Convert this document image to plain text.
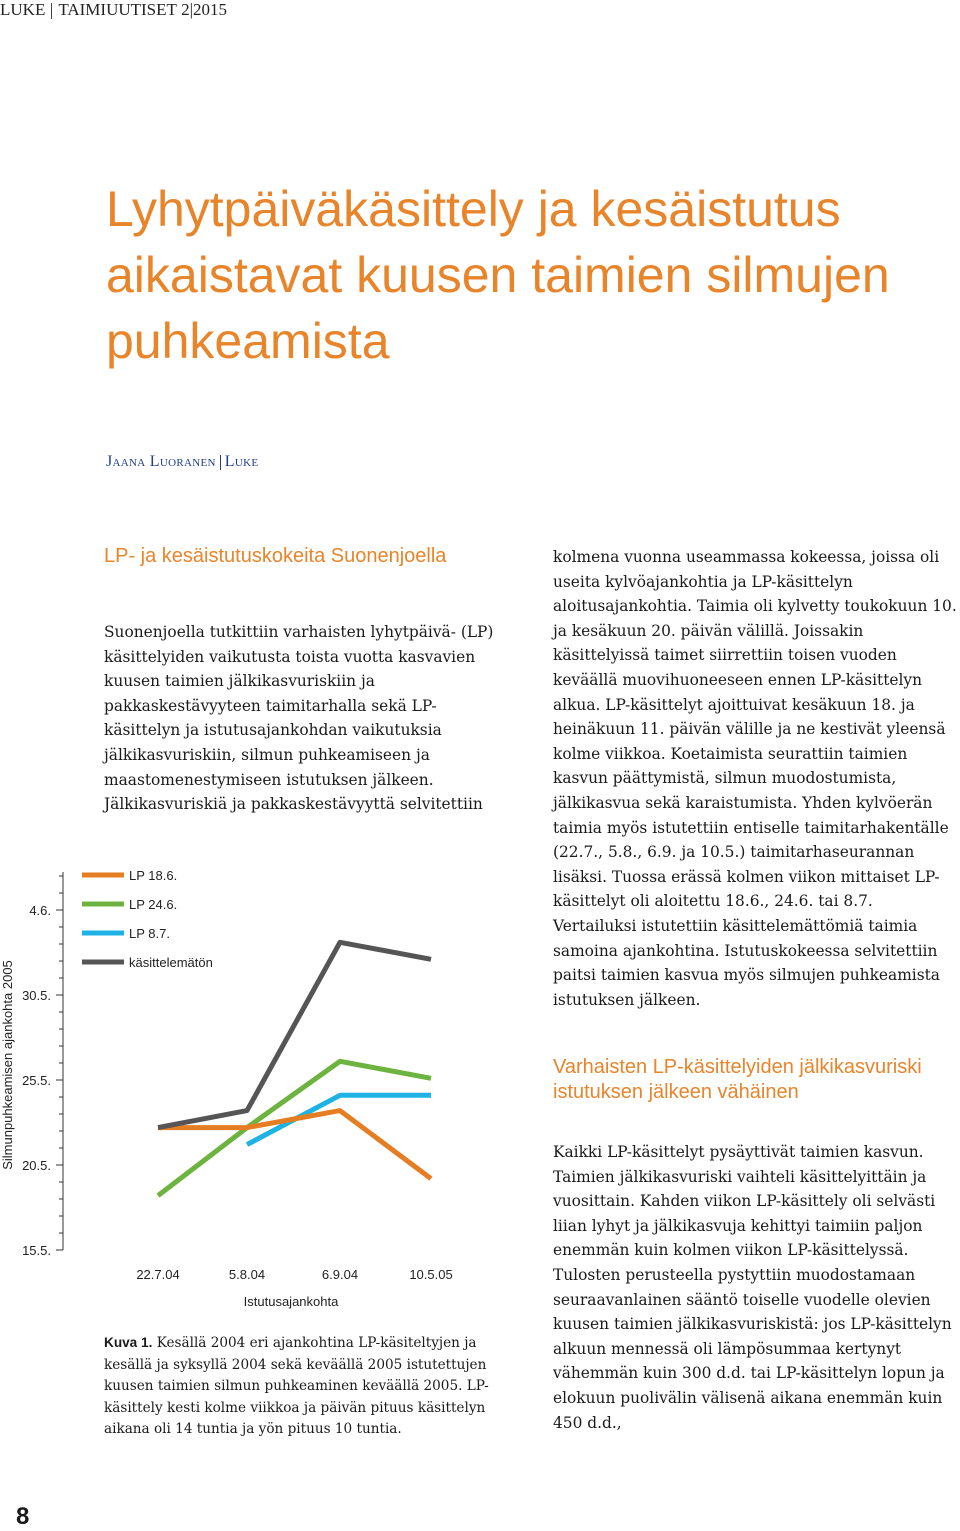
LUKE TAIMIUUTISET 2|2015
Lyhytpäiväkäsittely ja kesäistutus aikaistavat kuusen taimien silmujen puhkeamista
Jaana Luoranen Luke
LP- ja kesäistutuskokeita Suonenjoella

Suonenjoella tutkittiin varhaisten lyhytpäivä- (LP) käsittelyiden vaikutusta toista vuotta kasvavien kuusen taimien jälkikasvuriskiin ja pakkaskestävyyteen taimitarhalla sekä LP-käsittelyn ja istutusajankohdan vaikutuksia jälkikasvuriskiin, silmun puhkeamiseen ja maastomenestymiseen istutuksen jälkeen. Jälkikasvuriskiä ja pakkaskestävyyttä selvitettiin

kolmena vuonna useammassa kokeessa, joissa oli useita kylvöajankohtia ja LP-käsittelyn aloitusajankohtia. Taimia oli kylvetty toukokuun 10. ja kesäkuun 20. päivän välillä. Joissakin käsittelyissä taimet siirrettiin toisen vuoden keväällä muovihuoneeseen ennen LP-käsittelyn alkua. LP-käsittelyt ajoittuivat kesäkuun 18. ja heinäkuun 11. päivän välille ja ne kestivät yleensä kolme viikkoa. Koetaimista seurattiin taimien kasvun päättymistä, silmun muodostumista, jälkikasvua sekä karaistumista. Yhden kylvöerän taimia myös istutettiin entiselle taimitarhakentälle (22.7., 5.8., 6.9. ja 10.5.) taimitarhaseurannan lisäksi. Tuossa erässä kolmen viikon mittaiset LP-käsittelyt oli aloitettu 18.6., 24.6. tai 8.7. Vertailuksi istutettiin käsittelemättömiä taimia samoina ajankohtina. Istutuskokeessa selvitettiin paitsi taimien kasvua myös silmujen puhkeamista istutuksen jälkeen.

Varhaisten LP-käsittelyiden jälkikasvuriski istutuksen jälkeen vähäinen

Kaikki LP-käsittelyt pysäyttivät taimien kasvun. Taimien jälkikasvuriski vaihteli käsittelyittäin ja vuosittain. Kahden viikon LP-käsittely oli selvästi liian lyhyt ja jälkikasvuja kehittyi taimiin paljon enemmän kuin kolmen viikon LP-käsittelyssä. Tulosten perusteella pystyttiin muodostamaan seuraavanlainen sääntö toiselle vuodelle olevien kuusen taimien jälkikasvuriskistä: jos LP-käsittelyn alkuun mennessä oli lämpösummaa kertynyt vähemmän kuin 300 d.d. tai LP-käsittelyn lopun ja elokuun puolivälin välisenä aikana enemmän kuin 450 d.d.,

Silmunpuhkeamisen ajankohta 2005
Istutusajankohta
15.5.
20.5.
25.5.
30.5.
4.6.
LP 18.6.
LP 24.6.
LP 8.7.
käsittelemätön
22.7.04	5.8.04	6.9.04	10.5.05
Kuva 1. Kesällä 2004 eri ajankohtina LP-käsiteltyjen ja kesällä ja syksyllä 2004 sekä keväällä 2005 istutettujen kuusen taimien silmun puhkeaminen keväällä 2005. LP-käsittely kesti kolme viikkoa ja päivän pituus käsittelyn aikana oli 14 tuntia ja yön pituus 10 tuntia.
8
